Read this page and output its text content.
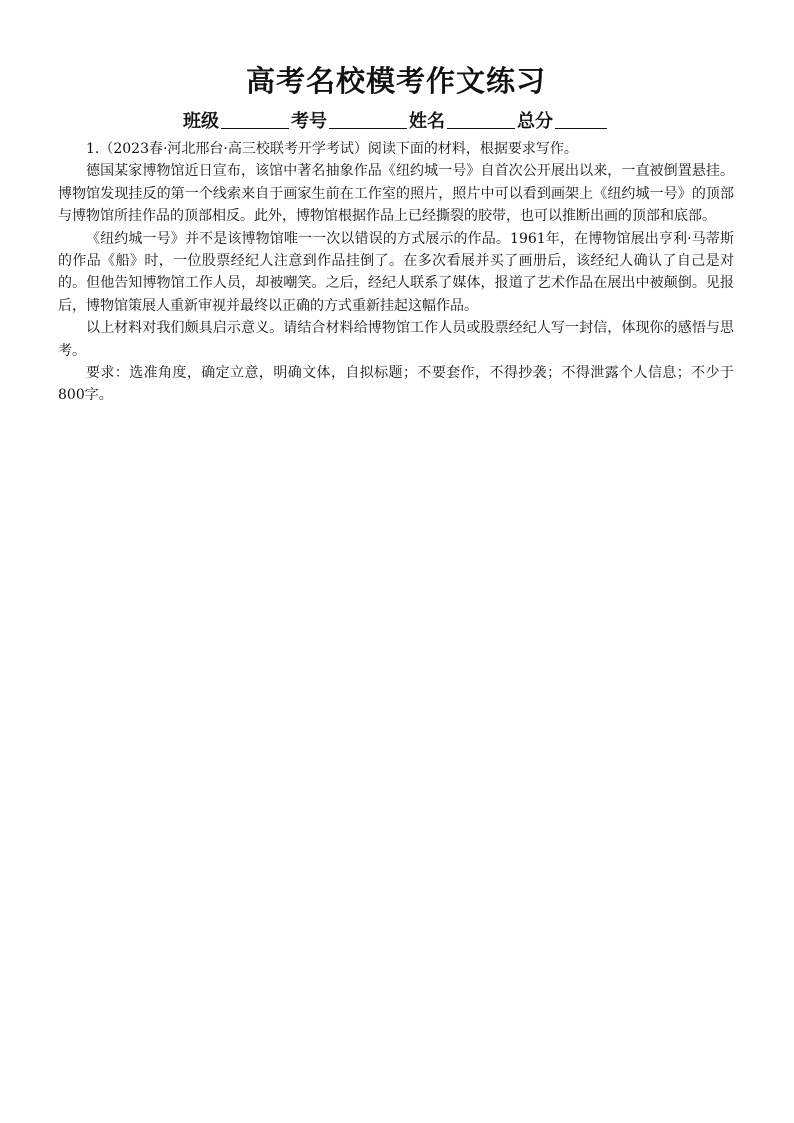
高考名校模考作文练习
班级	考号	姓名	总分

1.（2023春·河北邢台·高三校联考开学考试）阅读下面的材料，根据要求写作。

德国某家博物馆近日宣布，该馆中著名抽象作品《纽约城一号》自首次公开展出以来，一直被倒置悬挂。博物馆发现挂反的第一个线索来自于画家生前在工作室的照片，照片中可以看到画架上《纽约城一号》的顶部与博物馆所挂作品的顶部相反。此外，博物馆根据作品上已经撕裂的胶带，也可以推断出画的顶部和底部。

《纽约城一号》并不是该博物馆唯一一次以错误的方式展示的作品。1961年，在博物馆展出亨利·马蒂斯的作品《船》时，一位股票经纪人注意到作品挂倒了。在多次看展并买了画册后，该经纪人确认了自己是对的。但他告知博物馆工作人员，却被嘲笑。之后，经纪人联系了媒体，报道了艺术作品在展出中被颠倒。见报后，博物馆策展人重新审视并最终以正确的方式重新挂起这幅作品。

以上材料对我们颇具启示意义。请结合材料给博物馆工作人员或股票经纪人写一封信，体现你的感悟与思考。

要求：选准角度，确定立意，明确文体，自拟标题；不要套作，不得抄袭；不得泄露个人信息；不少于800字。
